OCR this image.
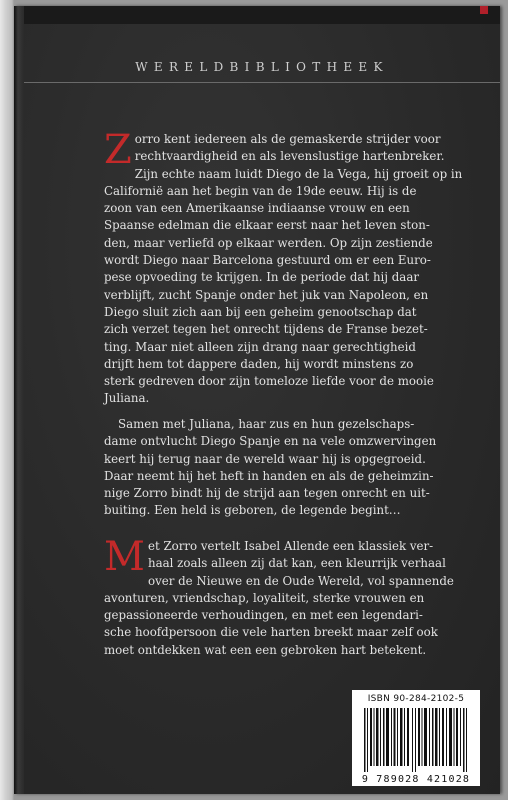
WERELDBIBLIOTHEEK
Z orro kent iedereen als de gemaskerde strijder voor
rechtvaardigheid en als levenslustige hartenbreker.
Zijn echte naam luidt Diego de la Vega, hij groeit op in
Californië aan het begin van de 19de eeuw. Hij is de
zoon van een Amerikaanse indiaanse vrouw en een
Spaanse edelman die elkaar eerst naar het leven ston-
den, maar verliefd op elkaar werden. Op zijn zestiende
wordt Diego naar Barcelona gestuurd om er een Euro-
pese opvoeding te krijgen. In de periode dat hij daar
verblijft, zucht Spanje onder het juk van Napoleon, en
Diego sluit zich aan bij een geheim genootschap dat
zich verzet tegen het onrecht tijdens de Franse bezet-
ting. Maar niet alleen zijn drang naar gerechtigheid
drijft hem tot dappere daden, hij wordt minstens zo
sterk gedreven door zijn tomeloze liefde voor de mooie
Juliana.
Samen met Juliana, haar zus en hun gezelschaps-
dame ontvlucht Diego Spanje en na vele omzwervingen
keert hij terug naar de wereld waar hij is opgegroeid.
Daar neemt hij het heft in handen en als de geheimzin-
nige Zorro bindt hij de strijd aan tegen onrecht en uit-
buiting. Een held is geboren, de legende begint…
M et Zorro vertelt Isabel Allende een klassiek ver-
haal zoals alleen zij dat kan, een kleurrijk verhaal
over de Nieuwe en de Oude Wereld, vol spannende
avonturen, vriendschap, loyaliteit, sterke vrouwen en
gepassioneerde verhoudingen, en met een legendari-
sche hoofdpersoon die vele harten breekt maar zelf ook
moet ontdekken wat een een gebroken hart betekent.
ISBN 90-284-2102-5
9 789028 421028
